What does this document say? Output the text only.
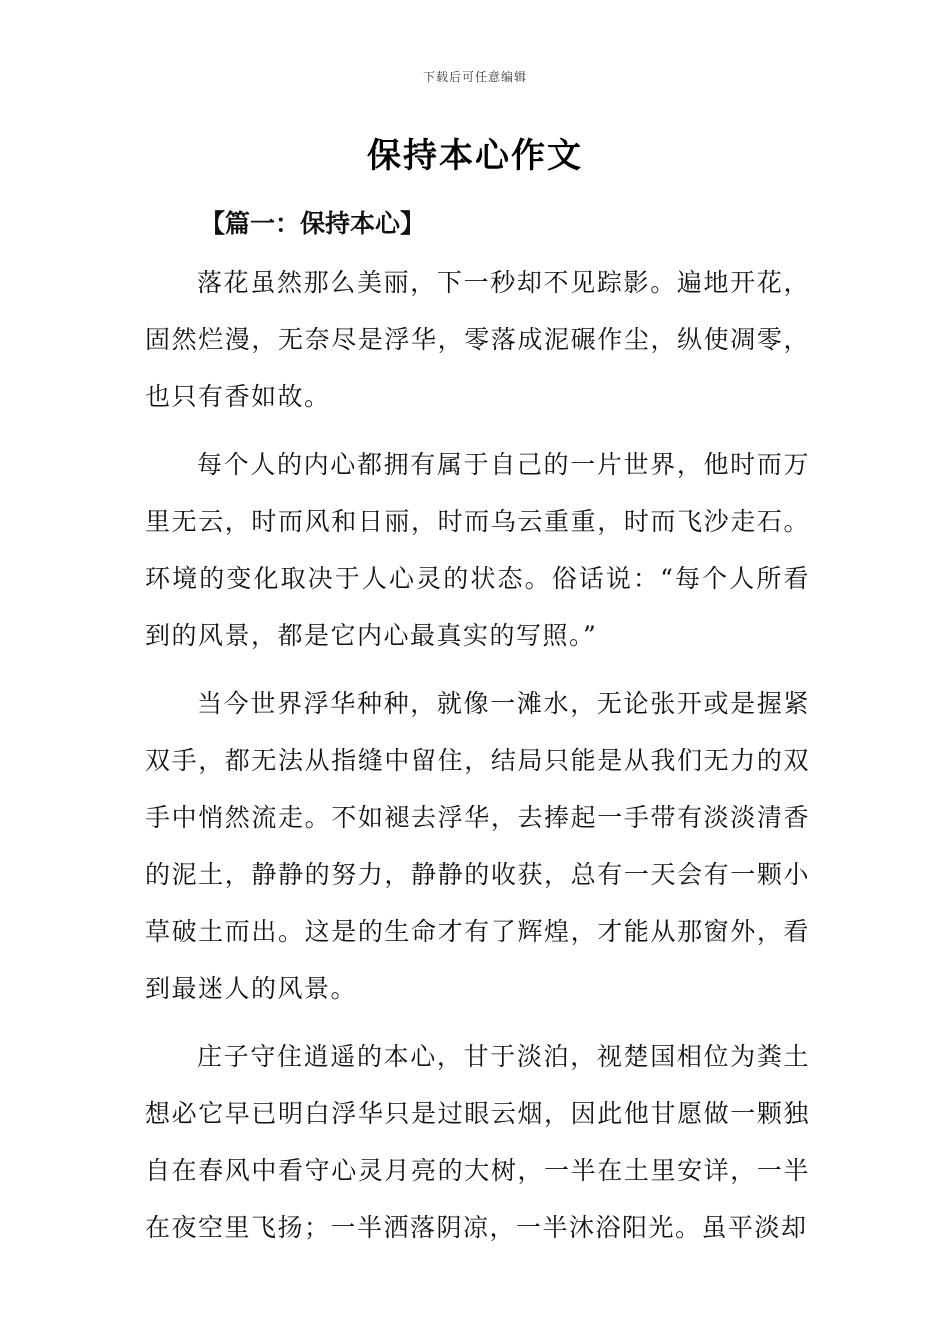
下载后可任意编辑
保持本心作文
【篇一：保持本心】

落花虽然那么美丽，下一秒却不见踪影。遍地开花，固然烂漫，无奈尽是浮华，零落成泥碾作尘，纵使凋零，也只有香如故。

每个人的内心都拥有属于自己的一片世界，他时而万里无云，时而风和日丽，时而乌云重重，时而飞沙走石。环境的变化取决于人心灵的状态。俗话说：“每个人所看到的风景，都是它内心最真实的写照。”

当今世界浮华种种，就像一滩水，无论张开或是握紧双手，都无法从指缝中留住，结局只能是从我们无力的双手中悄然流走。不如褪去浮华，去捧起一手带有淡淡清香的泥土，静静的努力，静静的收获，总有一天会有一颗小草破土而出。这是的生命才有了辉煌，才能从那窗外，看到最迷人的风景。

庄子守住逍遥的本心，甘于淡泊，视楚国相位为粪土想必它早已明白浮华只是过眼云烟，因此他甘愿做一颗独自在春风中看守心灵月亮的大树，一半在土里安详，一半在夜空里飞扬；一半洒落阴凉，一半沐浴阳光。虽平淡却
